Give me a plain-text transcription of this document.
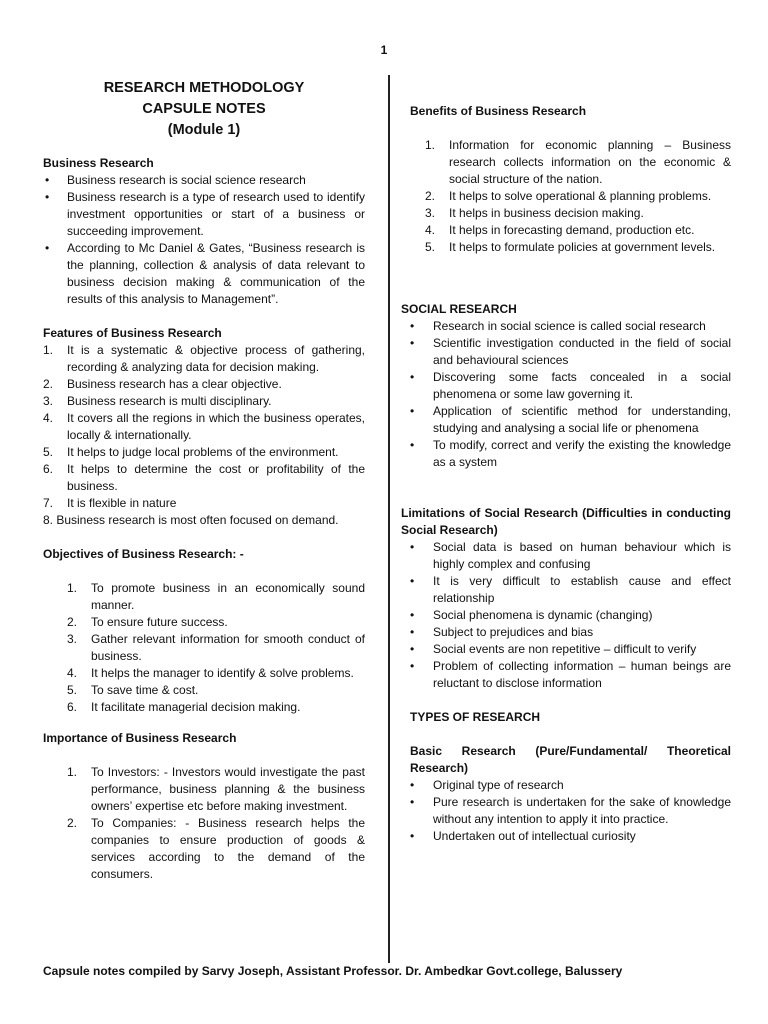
1
RESEARCH METHODOLOGY
CAPSULE NOTES
(Module 1)
Business Research
• Business research is social science research
• Business research is a type of research used to identify investment opportunities or start of a business or succeeding improvement.
• According to Mc Daniel & Gates, “Business research is the planning, collection & analysis of data relevant to business decision making & communication of the results of this analysis to Management”.
Features of Business Research
1. It is a systematic & objective process of gathering, recording & analyzing data for decision making.
2. Business research has a clear objective.
3. Business research is multi disciplinary.
4. It covers all the regions in which the business operates, locally & internationally.
5. It helps to judge local problems of the environment.
6. It helps to determine the cost or profitability of the business.
7. It is flexible in nature
8. Business research is most often focused on demand.
Objectives of Business Research: -
1. To promote business in an economically sound manner.
2. To ensure future success.
3. Gather relevant information for smooth conduct of business.
4. It helps the manager to identify & solve problems.
5. To save time & cost.
6. It facilitate managerial decision making.
Importance of Business Research
1. To Investors: - Investors would investigate the past performance, business planning & the business owners’ expertise etc before making investment.
2. To Companies: - Business research helps the companies to ensure production of goods & services according to the demand of the consumers.
Benefits of Business Research
1. Information for economic planning – Business research collects information on the economic & social structure of the nation.
2. It helps to solve operational & planning problems.
3. It helps in business decision making.
4. It helps in forecasting demand, production etc.
5. It helps to formulate policies at government levels.
SOCIAL RESEARCH
• Research in social science is called social research
• Scientific investigation conducted in the field of social and behavioural sciences
• Discovering some facts concealed in a social phenomena or some law governing it.
• Application of scientific method for understanding, studying and analysing a social life or phenomena
• To modify, correct and verify the existing the knowledge as a system
Limitations of Social Research (Difficulties in conducting Social Research)
• Social data is based on human behaviour which is highly complex and confusing
• It is very difficult to establish cause and effect relationship
• Social phenomena is dynamic (changing)
• Subject to prejudices and bias
• Social events are non repetitive – difficult to verify
• Problem of collecting information – human beings are reluctant to disclose information
TYPES OF RESEARCH
Basic Research (Pure/Fundamental/ Theoretical Research)
• Original type of research
• Pure research is undertaken for the sake of knowledge without any intention to apply it into practice.
• Undertaken out of intellectual curiosity
Capsule notes compiled by Sarvy Joseph, Assistant Professor. Dr. Ambedkar Govt.college, Balussery
